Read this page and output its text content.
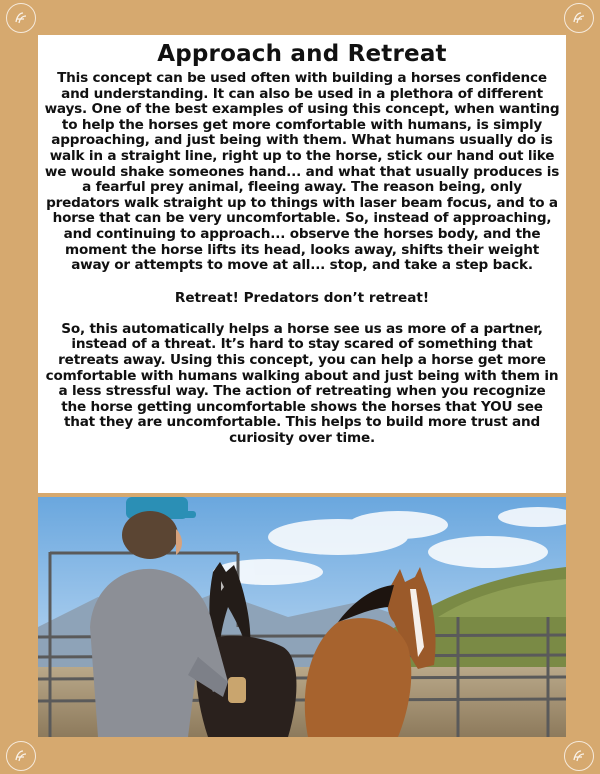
Approach and Retreat

This concept can be used often with building a horses confidence and understanding. It can also be used in a plethora of different ways. One of the best examples of using this concept, when wanting to help the horses get more comfortable with humans, is simply approaching, and just being with them. What humans usually do is walk in a straight line, right up to the horse, stick our hand out like we would shake someones hand... and what that usually produces is a fearful prey animal, fleeing away. The reason being, only predators walk straight up to things with laser beam focus, and to a horse that can be very uncomfortable. So, instead of approaching, and continuing to approach... observe the horses body, and the moment the horse lifts its head, looks away, shifts their weight away or attempts to move at all... stop, and take a step back.

Retreat! Predators don’t retreat!

So, this automatically helps a horse see us as more of a partner, instead of a threat. It’s hard to stay scared of something that retreats away. Using this concept, you can help a horse get more comfortable with humans walking about and just being with them in a less stressful way. The action of retreating when you recognize the horse getting uncomfortable shows the horses that YOU see that they are uncomfortable. This helps to build more trust and curiosity over time.
